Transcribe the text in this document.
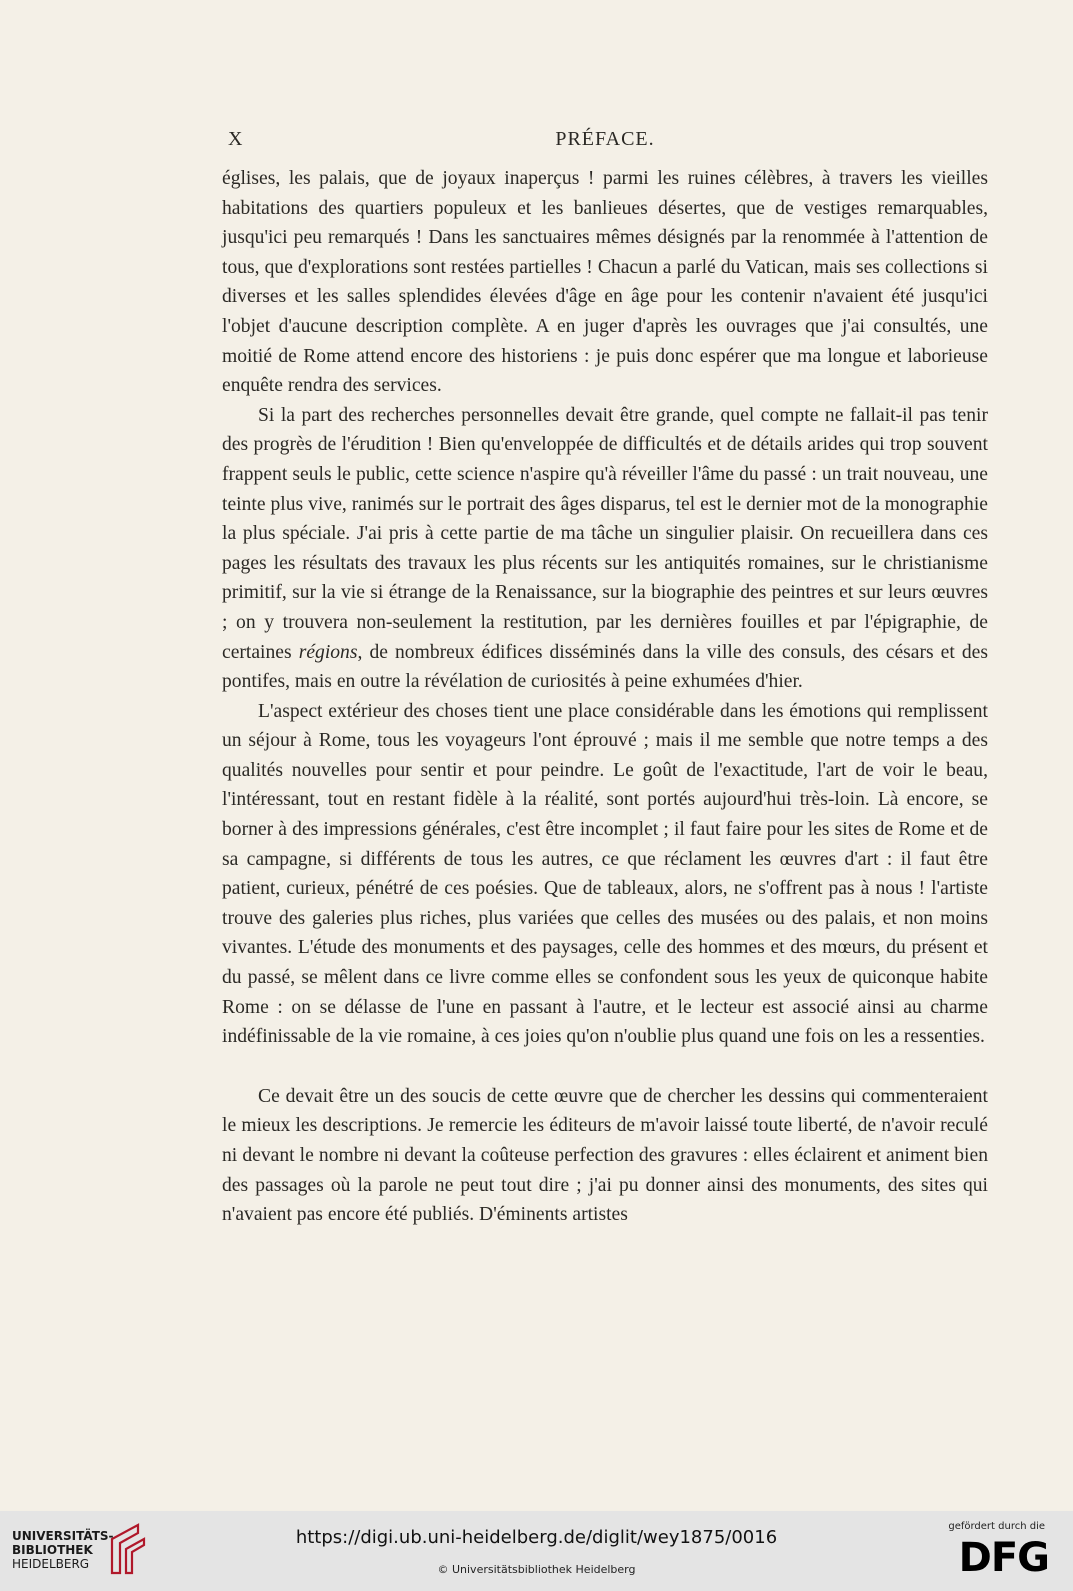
X	PRÉFACE.

églises, les palais, que de joyaux inaperçus ! parmi les ruines célèbres, à travers les vieilles habitations des quartiers populeux et les banlieues désertes, que de vestiges remarquables, jusqu'ici peu remarqués ! Dans les sanctuaires mêmes désignés par la renommée à l'attention de tous, que d'explorations sont restées partielles ! Chacun a parlé du Vatican, mais ses collections si diverses et les salles splendides élevées d'âge en âge pour les contenir n'avaient été jusqu'ici l'objet d'aucune description complète. A en juger d'après les ouvrages que j'ai consultés, une moitié de Rome attend encore des historiens : je puis donc espérer que ma longue et laborieuse enquête rendra des services.

Si la part des recherches personnelles devait être grande, quel compte ne fallait-il pas tenir des progrès de l'érudition ! Bien qu'enveloppée de difficultés et de détails arides qui trop souvent frappent seuls le public, cette science n'aspire qu'à réveiller l'âme du passé : un trait nouveau, une teinte plus vive, ranimés sur le portrait des âges disparus, tel est le dernier mot de la monographie la plus spéciale. J'ai pris à cette partie de ma tâche un singulier plaisir. On recueillera dans ces pages les résultats des travaux les plus récents sur les antiquités romaines, sur le christianisme primitif, sur la vie si étrange de la Renaissance, sur la biographie des peintres et sur leurs œuvres ; on y trouvera non-seulement la restitution, par les dernières fouilles et par l'épigraphie, de certaines régions, de nombreux édifices disséminés dans la ville des consuls, des césars et des pontifes, mais en outre la révélation de curiosités à peine exhumées d'hier.

L'aspect extérieur des choses tient une place considérable dans les émotions qui remplissent un séjour à Rome, tous les voyageurs l'ont éprouvé ; mais il me semble que notre temps a des qualités nouvelles pour sentir et pour peindre. Le goût de l'exactitude, l'art de voir le beau, l'intéressant, tout en restant fidèle à la réalité, sont portés aujourd'hui très-loin. Là encore, se borner à des impressions générales, c'est être incomplet ; il faut faire pour les sites de Rome et de sa campagne, si différents de tous les autres, ce que réclament les œuvres d'art : il faut être patient, curieux, pénétré de ces poésies. Que de tableaux, alors, ne s'offrent pas à nous ! l'artiste trouve des galeries plus riches, plus variées que celles des musées ou des palais, et non moins vivantes. L'étude des monuments et des paysages, celle des hommes et des mœurs, du présent et du passé, se mêlent dans ce livre comme elles se confondent sous les yeux de quiconque habite Rome : on se délasse de l'une en passant à l'autre, et le lecteur est associé ainsi au charme indéfinissable de la vie romaine, à ces joies qu'on n'oublie plus quand une fois on les a ressenties.

Ce devait être un des soucis de cette œuvre que de chercher les dessins qui commenteraient le mieux les descriptions. Je remercie les éditeurs de m'avoir laissé toute liberté, de n'avoir reculé ni devant le nombre ni devant la coûteuse perfection des gravures : elles éclairent et animent bien des passages où la parole ne peut tout dire ; j'ai pu donner ainsi des monuments, des sites qui n'avaient pas encore été publiés. D'éminents artistes

UNIVERSITÄTS-
BIBLIOTHEK
HEIDELBERG
https://digi.ub.uni-heidelberg.de/diglit/wey1875/0016
© Universitätsbibliothek Heidelberg
gefördert durch die
DFG
